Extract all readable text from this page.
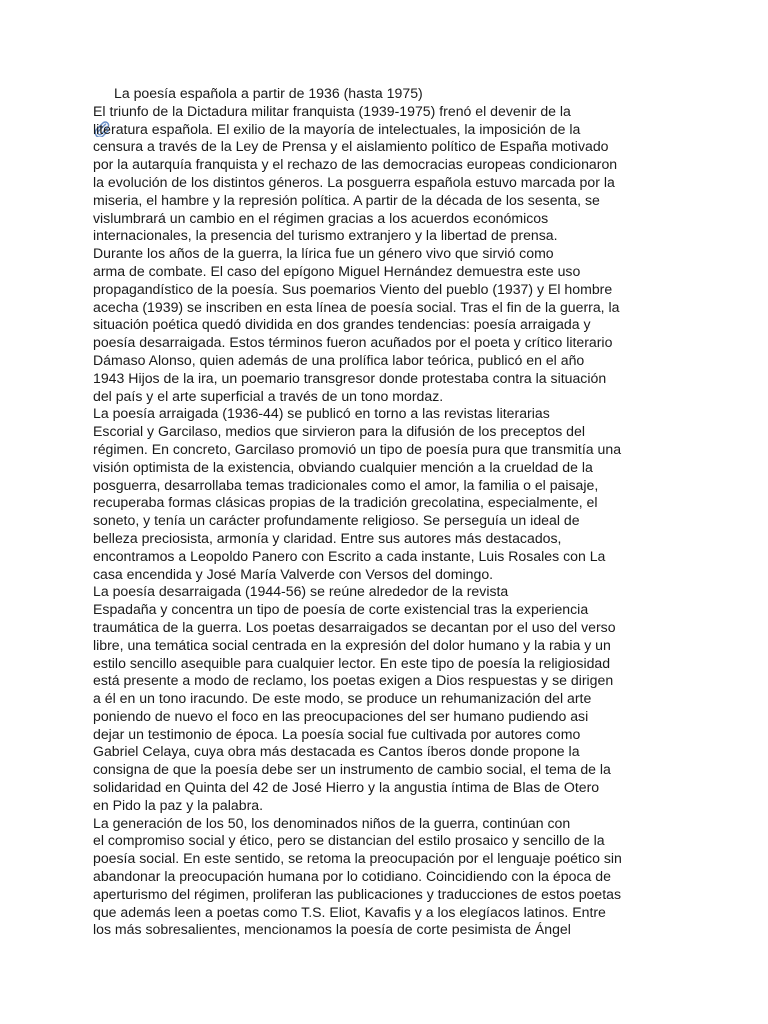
La poesía española a partir de 1936 (hasta 1975)
El triunfo de la Dictadura militar franquista (1939-1975) frenó el devenir de la
literatura española. El exilio de la mayoría de intelectuales, la imposición de la
censura a través de la Ley de Prensa y el aislamiento político de España motivado
por la autarquía franquista y el rechazo de las democracias europeas condicionaron
la evolución de los distintos géneros. La posguerra española estuvo marcada por la
miseria, el hambre y la represión política. A partir de la década de los sesenta, se
vislumbrará un cambio en el régimen gracias a los acuerdos económicos
internacionales, la presencia del turismo extranjero y la libertad de prensa.
Durante los años de la guerra, la lírica fue un género vivo que sirvió como
arma de combate. El caso del epígono Miguel Hernández demuestra este uso
propagandístico de la poesía. Sus poemarios Viento del pueblo (1937) y El hombre
acecha (1939) se inscriben en esta línea de poesía social. Tras el fin de la guerra, la
situación poética quedó dividida en dos grandes tendencias: poesía arraigada y
poesía desarraigada. Estos términos fueron acuñados por el poeta y crítico literario
Dámaso Alonso, quien además de una prolífica labor teórica, publicó en el año
1943 Hijos de la ira, un poemario transgresor donde protestaba contra la situación
del país y el arte superficial a través de un tono mordaz.
La poesía arraigada (1936-44) se publicó en torno a las revistas literarias
Escorial y Garcilaso, medios que sirvieron para la difusión de los preceptos del
régimen. En concreto, Garcilaso promovió un tipo de poesía pura que transmitía una
visión optimista de la existencia, obviando cualquier mención a la crueldad de la
posguerra, desarrollaba temas tradicionales como el amor, la familia o el paisaje,
recuperaba formas clásicas propias de la tradición grecolatina, especialmente, el
soneto, y tenía un carácter profundamente religioso. Se perseguía un ideal de
belleza preciosista, armonía y claridad. Entre sus autores más destacados,
encontramos a Leopoldo Panero con Escrito a cada instante, Luis Rosales con La
casa encendida y José María Valverde con Versos del domingo.
La poesía desarraigada (1944-56) se reúne alrededor de la revista
Espadaña y concentra un tipo de poesía de corte existencial tras la experiencia
traumática de la guerra. Los poetas desarraigados se decantan por el uso del verso
libre, una temática social centrada en la expresión del dolor humano y la rabia y un
estilo sencillo asequible para cualquier lector. En este tipo de poesía la religiosidad
está presente a modo de reclamo, los poetas exigen a Dios respuestas y se dirigen
a él en un tono iracundo. De este modo, se produce un rehumanización del arte
poniendo de nuevo el foco en las preocupaciones del ser humano pudiendo asi
dejar un testimonio de época. La poesía social fue cultivada por autores como
Gabriel Celaya, cuya obra más destacada es Cantos íberos donde propone la
consigna de que la poesía debe ser un instrumento de cambio social, el tema de la
solidaridad en Quinta del 42 de José Hierro y la angustia íntima de Blas de Otero
en Pido la paz y la palabra.
La generación de los 50, los denominados niños de la guerra, continúan con
el compromiso social y ético, pero se distancian del estilo prosaico y sencillo de la
poesía social. En este sentido, se retoma la preocupación por el lenguaje poético sin
abandonar la preocupación humana por lo cotidiano. Coincidiendo con la época de
aperturismo del régimen, proliferan las publicaciones y traducciones de estos poetas
que además leen a poetas como T.S. Eliot, Kavafis y a los elegíacos latinos. Entre
los más sobresalientes, mencionamos la poesía de corte pesimista de Ángel
